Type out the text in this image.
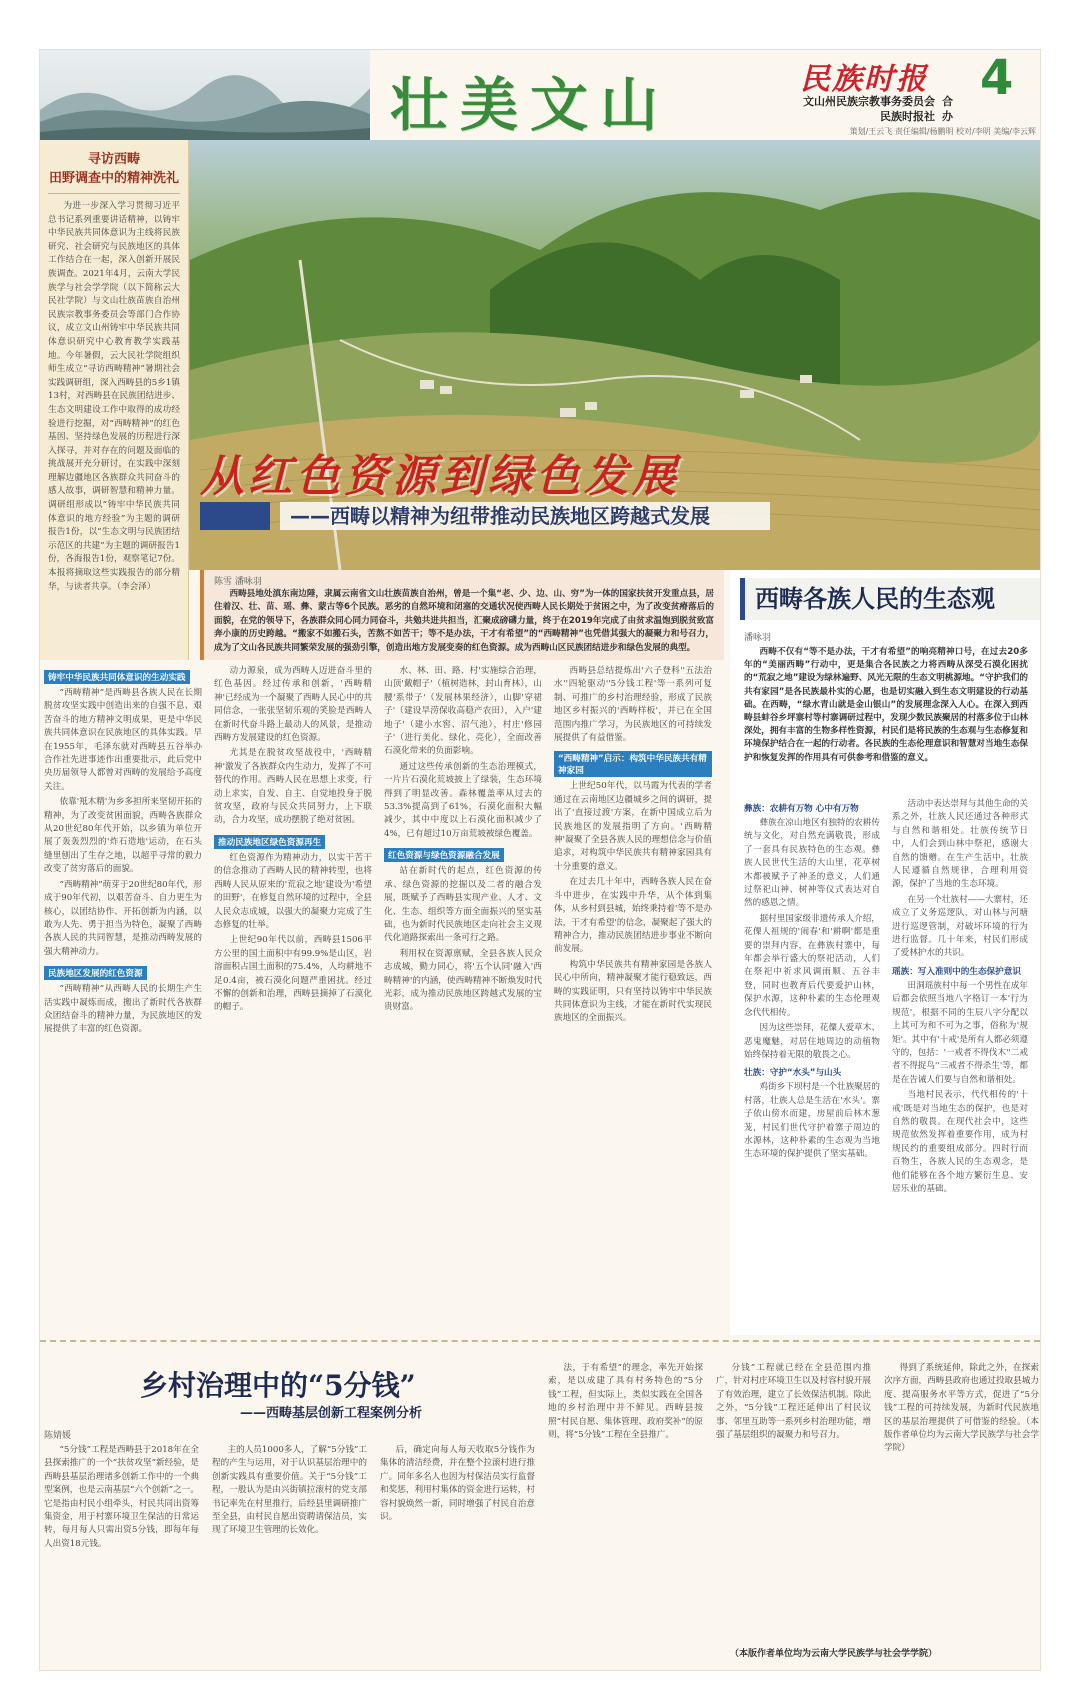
壮美文山	民族时报 4
文山州民族宗教事务委员会
民族时报社
合办
策划/王云飞 责任编辑/杨鹏明 校对/李明 美编/李云辉
从红色资源到绿色发展
——西畴以精神为纽带推动民族地区跨越式发展
寻访西畴
田野调查中的精神洗礼
为进一步深入学习贯彻习近平总书记系列重要讲话精神，以铸牢中华民族共同体意识为主线将民族研究、社会研究与民族地区的具体工作结合在一起，深入创新开展民族调查。2021年4月，云南大学民族学与社会学学院（以下简称云大民社学院）与文山壮族苗族自治州民族宗教事务委员会等部门合作协议，成立文山州铸牢中华民族共同体意识研究中心教育教学实践基地。今年暑假，云大民社学院组织师生成立“寻访西畴精神”暑期社会实践调研组，深入西畴县的5乡1镇13村，对西畴县在民族团结进步、生态文明建设工作中取得的成功经验进行挖掘，对“西畴精神”的红色基因、坚持绿色发展的历程进行深入探寻，并对存在的问题及面临的挑战展开充分研讨，在实践中深刻理解边疆地区各族群众共同奋斗的感人故事，调研智慧和精神力量。调研组形成以“铸牢中华民族共同体意识的地方经验”为主题的调研报告1份，以“生态文明与民族团结示范区的共建”为主题的调研报告1份，各海报告1份，观察笔记7份。本报将摘取这些实践报告的部分精华，与读者共享。（李会泽）	陈雪 潘咏羽
西畴县地处滇东南边陲，隶属云南省文山壮族苗族自治州，曾是一个集“老、少、边、山、穷”为一体的国家扶贫开发重点县，居住着汉、壮、苗、瑶、彝、蒙古等6个民族。恶劣的自然环境和闭塞的交通状况使西畴人民长期处于贫困之中，为了改变贫瘠落后的面貌，在党的领导下，各族群众同心同力同奋斗，共勉共进共担当，汇聚成磅礴力量，终于在2019年完成了由贫求温饱到脱贫致富奔小康的历史跨越。“搬家不如搬石头，苦熬不如苦干；等不是办法，干才有希望”的“西畴精神”也凭借其强大的凝聚力和号召力，成为了文山各民族共同繁荣发展的强劲引擎，创造出地方发展变奏的红色资源。成为西畴山区民族团结进步和绿色发展的典型。
西畴各族人民的生态观
潘咏羽
西畴不仅有“等不是办法，干才有希望”的响亮精神口号，在过去20多年的“美丽西畴”行动中，更是集合各民族之力将西畴从深受石漠化困扰的“荒寂之地”建设为绿林遍野、风光无限的生态文明桃源地。“守护我们的共有家园”是各民族最朴实的心愿，也是切实融入到生态文明建设的行动基础。在西畴，“绿水青山就是金山银山”的发展理念深入人心。在深入到西畴县蚌谷乡坪寨村等村寨调研过程中，发现少数民族聚居的村落多位于山林深处，拥有丰富的生物多样性资源，村民们是将民族的生态观与生态修复和环境保护结合在一起的行动者。各民族的生态伦理意识和智慧对当地生态保护和恢复发挥的作用具有可供参考和借鉴的意义。
彝族：农耕有万物 心中有万物

彝族在凉山地区有独特的农耕传统与文化，对自然充满敬畏，形成了一套具有民族特色的生态观。彝族人民世代生活的大山里，花草树木都被赋予了神圣的意义，人们通过祭祀山神、树神等仪式表达对自然的感恩之情。

据村里国家级非遗传承人介绍，花傈人祖规的'闹春'和'耕啊'都是重要的崇拜内容，在彝族村寨中，每年都会举行盛大的祭祀活动，人们在祭祀中祈求风调雨顺、五谷丰登，同时也教育后代要爱护山林，保护水源，这种朴素的生态伦理观念代代相传。

因为这些崇拜，花僳人爱草木、恶鬼魔魅，对居住地周边的动植物始终保持着无限的敬畏之心。

壮族：守护“水头”与山头

鸡街乡下坝村是一个壮族聚居的村落，壮族人总是生活在'水头'。寨子依山傍水而建，房屋前后林木葱茏，村民们世代守护着寨子周边的水源林，这种朴素的生态观为当地生态环境的保护提供了坚实基础。

活动中表达崇拜与其他生命的关系之外，壮族人民还通过各种形式与自然和谐相处。壮族传统节日中，人们会到山林中祭祀，感谢大自然的馈赠。在生产生活中，壮族人民遵循自然规律，合理利用资源，保护了当地的生态环境。

在另一个壮族村——大寨村，还成立了义务巡逻队，对山林与河塘进行巡逻管制，对破坏环境的行为进行监督。几十年来，村民们形成了爱林护水的共识。

瑶族：写入准则中的生态保护意识

田洞瑶族村中每一个男性在成年后都会依照当地八字格订一本'行为规范'，根据不同的生辰八字分配以上其可为和不可为之事，俗称为'规矩'。其中有'十戒'是所有人都必须遵守的，包括：'一戒者不得伐木''二戒者不得捉鸟''三戒者不得杀生'等，都是在告诫人们要与自然和谐相处。

当地村民表示，代代相传的'十戒'既是对当地生态的保护，也是对自然的敬畏。在现代社会中，这些规范依然发挥着重要作用，成为村规民约的重要组成部分。四时行而百物生，各族人民的生态观念，是他们能够在各个地方繁衍生息、安居乐业的基础。

铸牢中华民族共同体意识的生动实践

“西畴精神”是西畴县各族人民在长期脱贫攻坚实践中创造出来的自强不息、艰苦奋斗的地方精神文明成果，更是中华民族共同体意识在民族地区的具体实践。早在1955年，毛泽东就对西畴县五谷举办合作社先进事迹作出重要批示，此后党中央历届领导人都曾对西畴的发展给予高度关注。

依靠'羝木精'为乡多担所来坚韧开拓的精神，为了改变贫困面貌，西畴各族群众从20世纪80年代开始，以乡镇为单位开展了轰轰烈烈的'炸石造地'运动，在石头缝里刨出了生存之地，以超乎寻常的毅力改变了贫穷落后的面貌。

“西畴精神”萌芽于20世纪80年代，形成于90年代初，以艰苦奋斗、自力更生为核心，以团结协作、开拓创新为内涵，以敢为人先、勇于担当为特色，凝聚了西畴各族人民的共同智慧，是推动西畴发展的强大精神动力。

民族地区发展的红色资源

“西畴精神”从西畴人民的长期生产生活实践中凝炼而成，搬出了新时代各族群众团结奋斗的精神力量，为民族地区的发展提供了丰富的红色资源。

动力源泉，成为西畴人迈进奋斗里的红色基因。经过传承和创新，'西畴精神'已经成为一个凝聚了西畴人民心中的共同信念，一张张坚韧乐观的笑脸是西畴人在新时代奋斗路上最动人的风景，是推动西畴方发展建设的红色资源。

尤其是在脱贫攻坚战役中，'西畴精神'激发了各族群众内生动力，发挥了不可替代的作用。西畴人民在思想上求变，行动上求实，自发、自主、自觉地投身于脱贫攻坚，政府与民众共同努力，上下联动，合力攻坚，成功摆脱了绝对贫困。

推动民族地区绿色资源再生

红色资源作为精神动力，以实干苦干的信念推动了西畴人民的精神转型，也将西畴人民从原来的'荒寂之地'建设为'希望的田野'，在修复自然环境的过程中，全县人民众志成城，以强大的凝聚力完成了生态修复的壮举。

上世纪90年代以前，西畴县1506平方公里的国土面积中有99.9%是山区，岩溶面积占国土面积的75.4%，人均耕地不足0.4亩，被石漠化问题严重困扰。经过不懈的创新和治理，西畴县摘掉了石漠化的帽子。

水、林、田、路、村'实施综合治理，山顶'戴帽子'（植树造林，封山育林），山腰'系带子'（发展林果经济），山脚'穿裙子'（建设旱涝保收高稳产农田），入户'建地子'（建小水窖、沼气池），村庄'修园子'（进行美化、绿化、亮化），全面改善石漠化带来的负面影响。

通过这些传承创新的生态治理模式，一片片石漠化荒坡披上了绿装，生态环境得到了明显改善。森林覆盖率从过去的53.3%提高到了61%，石漠化面积大幅减少，其中中度以上石漠化面积减少了4%，已有超过10万亩荒坡被绿色覆盖。

红色资源与绿色资源融合发展

站在新时代的起点，红色资源的传承、绿色资源的挖掘以及二者的融合发展，既赋予了西畴县实现产业、人才、文化、生态、组织等方面全面振兴的坚实基础，也为新时代民族地区走向社会主义现代化道路探索出一条可行之路。

利用权在资源禀赋，全县各族人民众志成城，勤力同心，将'五个认同'融入'西畴精神'的内涵，使西畴精神不断焕发时代光彩，成为推动民族地区跨越式发展的宝贵财富。

西畴县总结提炼出'六子登科''五法治水''四轮驱动''5分钱工程'等一系列可复制、可推广的乡村治理经验，形成了民族地区乡村振兴的'西畴样板'，并已在全国范围内推广学习，为民族地区的可持续发展提供了有益借鉴。

“西畴精神”启示：构筑中华民族共有精神家园

上世纪50年代，以马霞为代表的学者通过在云南地区边疆城乡之间的调研，提出了'直接过渡'方案，在新中国成立后为民族地区的发展指明了方向。'西畴精神'凝聚了全县各族人民的理想信念与价值追求，对构筑中华民族共有精神家园具有十分重要的意义。

在过去几十年中，西畴各族人民在奋斗中进步，在实践中升华，从个体到集体，从乡村到县城，始终秉持着'等不是办法，干才有希望'的信念，凝聚起了强大的精神合力，推动民族团结进步事业不断向前发展。

构筑中华民族共有精神家园是各族人民心中所向，精神凝聚才能行稳致远，西畴的实践证明，只有坚持以铸牢中华民族共同体意识为主线，才能在新时代实现民族地区的全面振兴。

乡村治理中的“5分钱”
——西畴基层创新工程案例分析
陈婧媛

“5分钱”工程是西畴县于2018年在全县探索推广的一个“扶贫攻坚”新经验，是西畴县基层治理诸多创新工作中的一个典型案例，也是云南基层“六个创新”之一。它是指由村民小组牵头，村民共同出资筹集资金，用于村寨环境卫生保洁的日常运转，每月每人只需出资5分钱，即每年每人出资18元钱。

主的人员1000多人，了解“5分钱”工程的产生与运用，对于认识基层治理中的创新实践具有重要价值。关于“5分钱”工程，一般认为是由兴街镇拉滚村的党支部书记率先在村里推行，后经县里调研推广至全县，由村民自愿出资聘请保洁员，实现了环境卫生管理的长效化。

后，确定向每人每天收取5分钱作为集体的清洁经费，并在整个拉滚村进行推广。同年多名人也因为村保洁员实行监督和奖惩，利用村集体的资金进行运转，村容村貌焕然一新，同时增强了村民自治意识。

法，于有希望“的理念，率先开始探索，是以成建了具有村务特色的“5分钱”工程，但实际上，类似实践在全国各地的乡村治理中并不鲜见。西畴县按照“村民自愿、集体管理、政府奖补”的原则，将“5分钱”工程在全县推广。

分钱”工程就已经在全县范围内推广，针对村庄环境卫生以及村容村貌开展了有效治理，建立了长效保洁机制。除此之外，“5分钱”工程还延伸出了村民议事、邻里互助等一系列乡村治理功能，增强了基层组织的凝聚力和号召力。

得到了系统延伸，除此之外，在探索次序方面，西畴县政府也通过投取县城力度、提高服务水平等方式，促进了“5分钱”工程的可持续发展，为新时代民族地区的基层治理提供了可借鉴的经验。（本版作者单位均为云南大学民族学与社会学学院）

（本版作者单位均为云南大学民族学与社会学学院）
